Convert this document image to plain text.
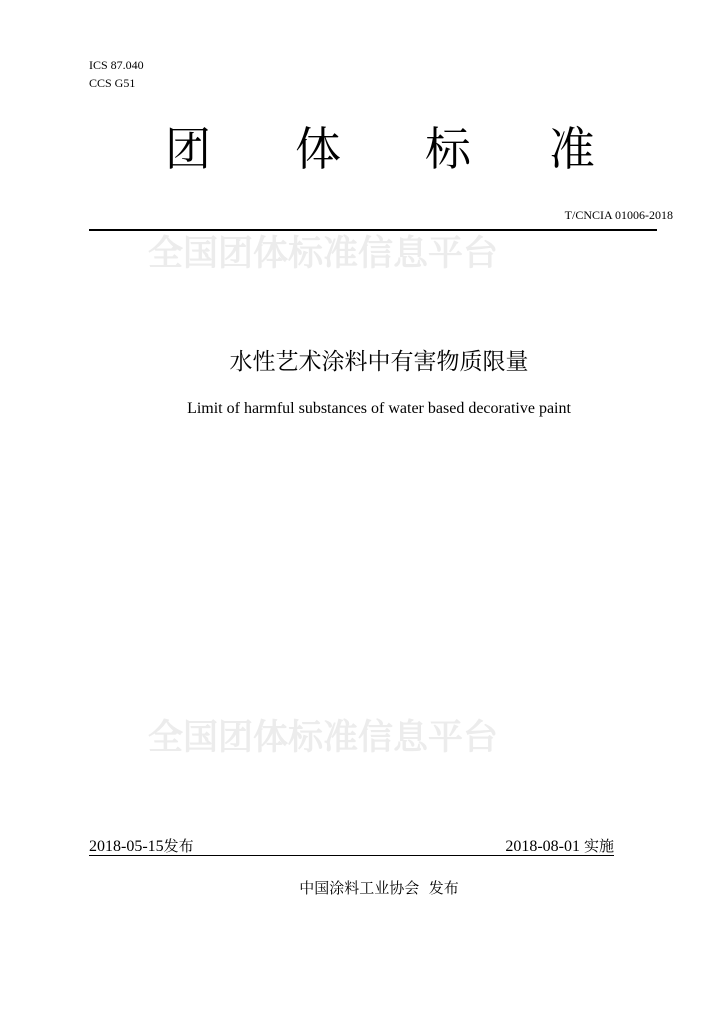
ICS 87.040
CCS G51
团 体 标 准
T/CNCIA 01006-2018
全国团体标准信息平台
水性艺术涂料中有害物质限量
Limit of harmful substances of water based decorative paint
全国团体标准信息平台
2018-05-15发布	2018-08-01 实施
中国涂料工业协会 发布
